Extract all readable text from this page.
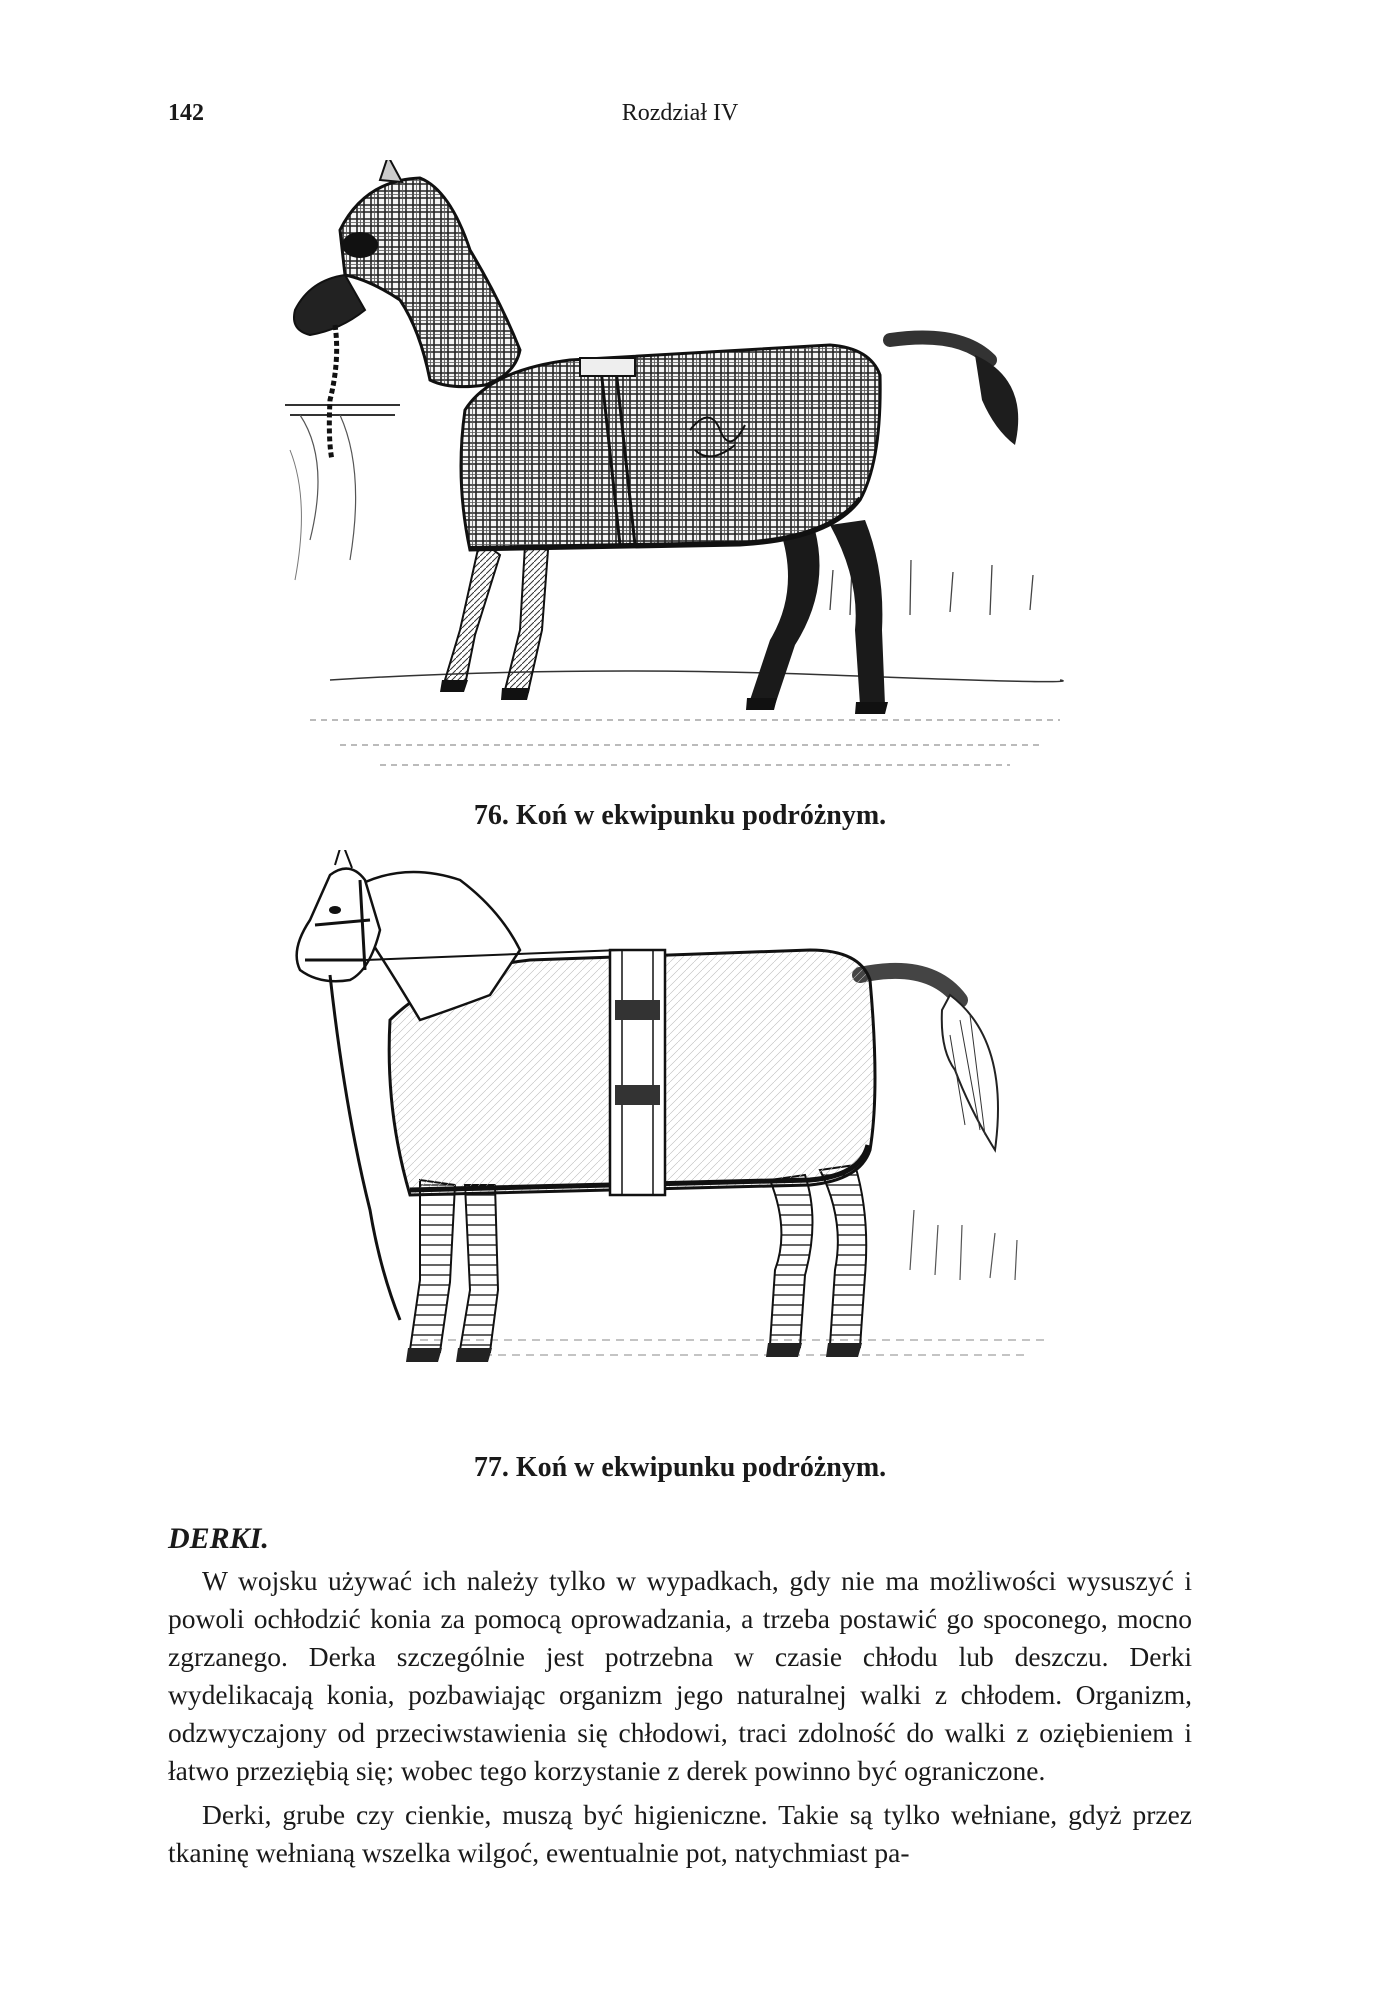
142	Rozdział IV
76. Koń w ekwipunku podróżnym.
77. Koń w ekwipunku podróżnym.
DERKI.

W wojsku używać ich należy tylko w wypadkach, gdy nie ma możliwości wysuszyć i powoli ochłodzić konia za pomocą oprowadzania, a trzeba postawić go spoconego, mocno zgrzanego. Derka szczególnie jest potrzebna w czasie chłodu lub deszczu. Derki wydelikacają konia, pozbawiając organizm jego naturalnej walki z chłodem. Organizm, odzwyczajony od przeciwstawienia się chłodowi, traci zdolność do walki z oziębieniem i łatwo przeziębią się; wobec tego korzystanie z derek powinno być ograniczone.

Derki, grube czy cienkie, muszą być higieniczne. Takie są tylko wełniane, gdyż przez tkaninę wełnianą wszelka wilgoć, ewentualnie pot, natychmiast pa-
